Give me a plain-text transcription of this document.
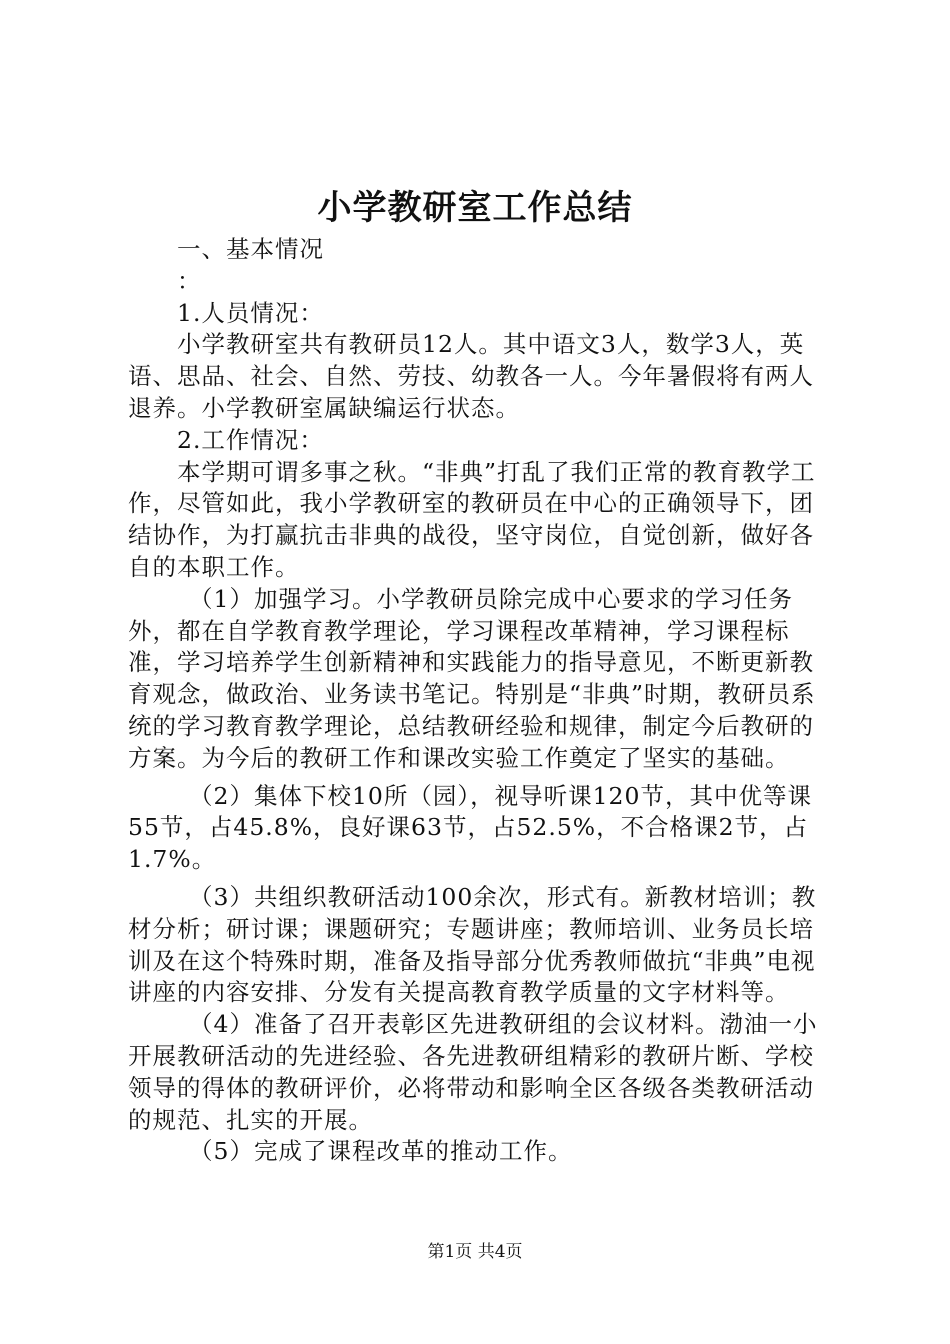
小学教研室工作总结

一、基本情况

：

1.人员情况：

小学教研室共有教研员12人。其中语文3人，数学3人，英语、思品、社会、自然、劳技、幼教各一人。今年暑假将有两人退养。小学教研室属缺编运行状态。

2.工作情况：

本学期可谓多事之秋。“非典”打乱了我们正常的教育教学工作，尽管如此，我小学教研室的教研员在中心的正确领导下，团结协作，为打赢抗击非典的战役，坚守岗位，自觉创新，做好各自的本职工作。

（1）加强学习。小学教研员除完成中心要求的学习任务外，都在自学教育教学理论，学习课程改革精神，学习课程标准，学习培养学生创新精神和实践能力的指导意见，不断更新教育观念，做政治、业务读书笔记。特别是“非典”时期，教研员系统的学习教育教学理论，总结教研经验和规律，制定今后教研的方案。为今后的教研工作和课改实验工作奠定了坚实的基础。

（2）集体下校10所（园），视导听课120节，其中优等课55节，占45.8%，良好课63节，占52.5%，不合格课2节，占1.7%。

（3）共组织教研活动100余次，形式有。新教材培训；教材分析；研讨课；课题研究；专题讲座；教师培训、业务员长培训及在这个特殊时期，准备及指导部分优秀教师做抗“非典”电视讲座的内容安排、分发有关提高教育教学质量的文字材料等。

（4）准备了召开表彰区先进教研组的会议材料。渤油一小开展教研活动的先进经验、各先进教研组精彩的教研片断、学校领导的得体的教研评价，必将带动和影响全区各级各类教研活动的规范、扎实的开展。

（5）完成了课程改革的推动工作。

第1页 共4页
